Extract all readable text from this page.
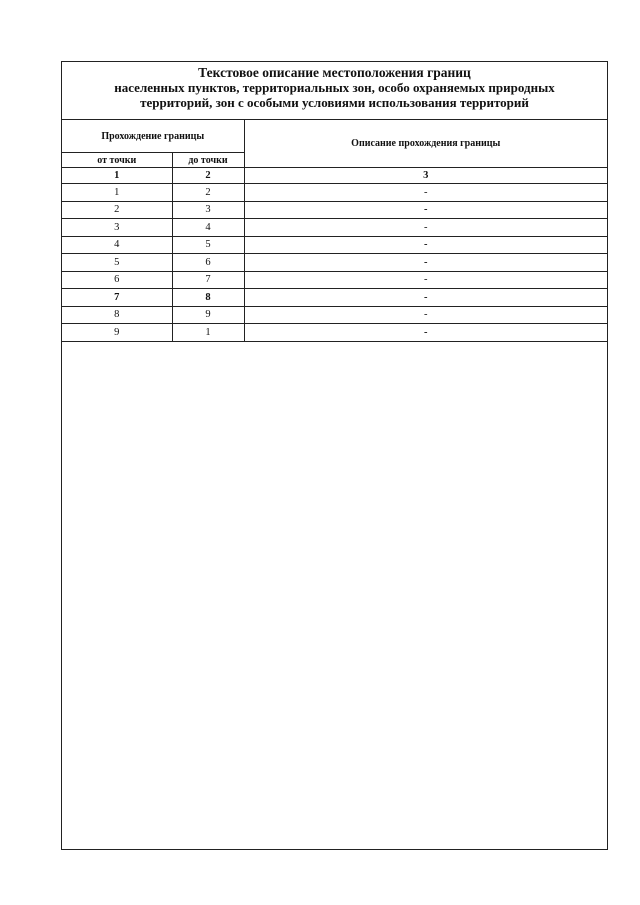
Текстовое описание местоположения границ
населенных пунктов, территориальных зон, особо охраняемых природных
территорий, зон с особыми условиями использования территорий
Прохождение границы		Описание прохождения границы
от точки	до точки	
1	2	3
1	2	-
2	3	-
3	4	-
4	5	-
5	6	-
6	7	-
7	8	-
8	9	-
9	1	-
